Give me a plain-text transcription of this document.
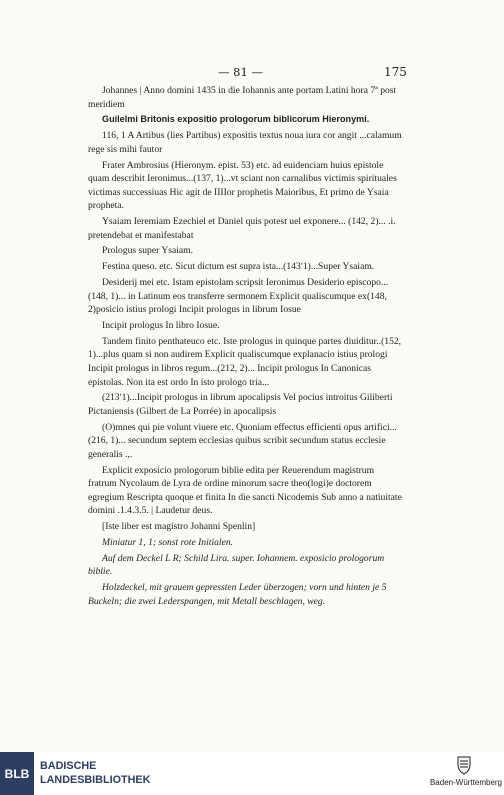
— 81 —	175

Johannes | Anno domini 1435 in die Iohannis ante portam Latini hora 7ª post meridiem

Guilelmi Britonis expositio prologorum biblicorum Hieronymi.

116, 1 A Artibus (lies Partibus) expositis textus noua iura cor angit ...calamum rege sis mihi fautor

Frater Ambrosius (Hieronym. epist. 53) etc. ad euidenciam huius epistole quam describit Ieronimus...(137, 1)...vt sciant non carnalibus victimis spirituales victimas successiuas Hic agit de IIIIor prophetis Maioribus, Et primo de Ysaia propheta.

Ysaiam Ieremiam Ezechiel et Daniel quis potest uel exponere... (142, 2)... .i. pretendebat et manifestabat

Prologus super Ysaiam.

Festina queso. etc. Sicut dictum est supra ista...(143ʹ1)...Super Ysaiam.

Desiderij mei etc. Istam epistolam scripsit Ieronimus Desiderio episcopo...(148, 1)... in Latinum eos transferre sermonem Explicit qualiscumque ex(148, 2)posicio istius prologi Incipit prologus in librum Iosue

Incipit prologus In libro Iosue.

Tandem finito penthateuco etc. Iste prologus in quinque partes diuiditur..(152, 1)...plus quam si non audirem Explicit qualiscumque explanacio istius prologi Incipit prologus in libros regum...(212, 2)... Incipit prologus In Canonicas epistolas. Non ita est ordo In isto prologo tria...

(213ʹ1)...Incipit prologus in librum apocalipsis Vel pocius introitus Giliberti Pictaniensis (Gilbert de La Porrée) in apocalipsis

(O)mnes qui pie volunt viuere etc. Quoniam effectus efficienti opus artifici...(216, 1)... secundum septem ecclesias quibus scribit secundum status ecclesie generalis .,.

Explicit exposicio prologorum biblie edita per Reuerendum magistrum fratrum Nycolaum de Lyra de ordine minorum sacre theo(logi)e doctorem egregium Rescripta quoque et finita In die sancti Nicodemis Sub anno a natiuitate domini .1.4.3.5. | Laudetur deus.

[Iste liber est magistro Johanni Spenlin]

Miniatur 1, 1; sonst rote Initialen.

Auf dem Deckel L R; Schild Lira. super. Iohannem. exposicio prologorum biblie.

Holzdeckel, mit grauem gepressten Leder überzogen; vorn und hinten je 5 Buckeln; die zwei Lederspangen, mit Metall beschlagen, weg.

BLB
BADISCHE
LANDESBIBLIOTHEK	Baden-Württemberg
